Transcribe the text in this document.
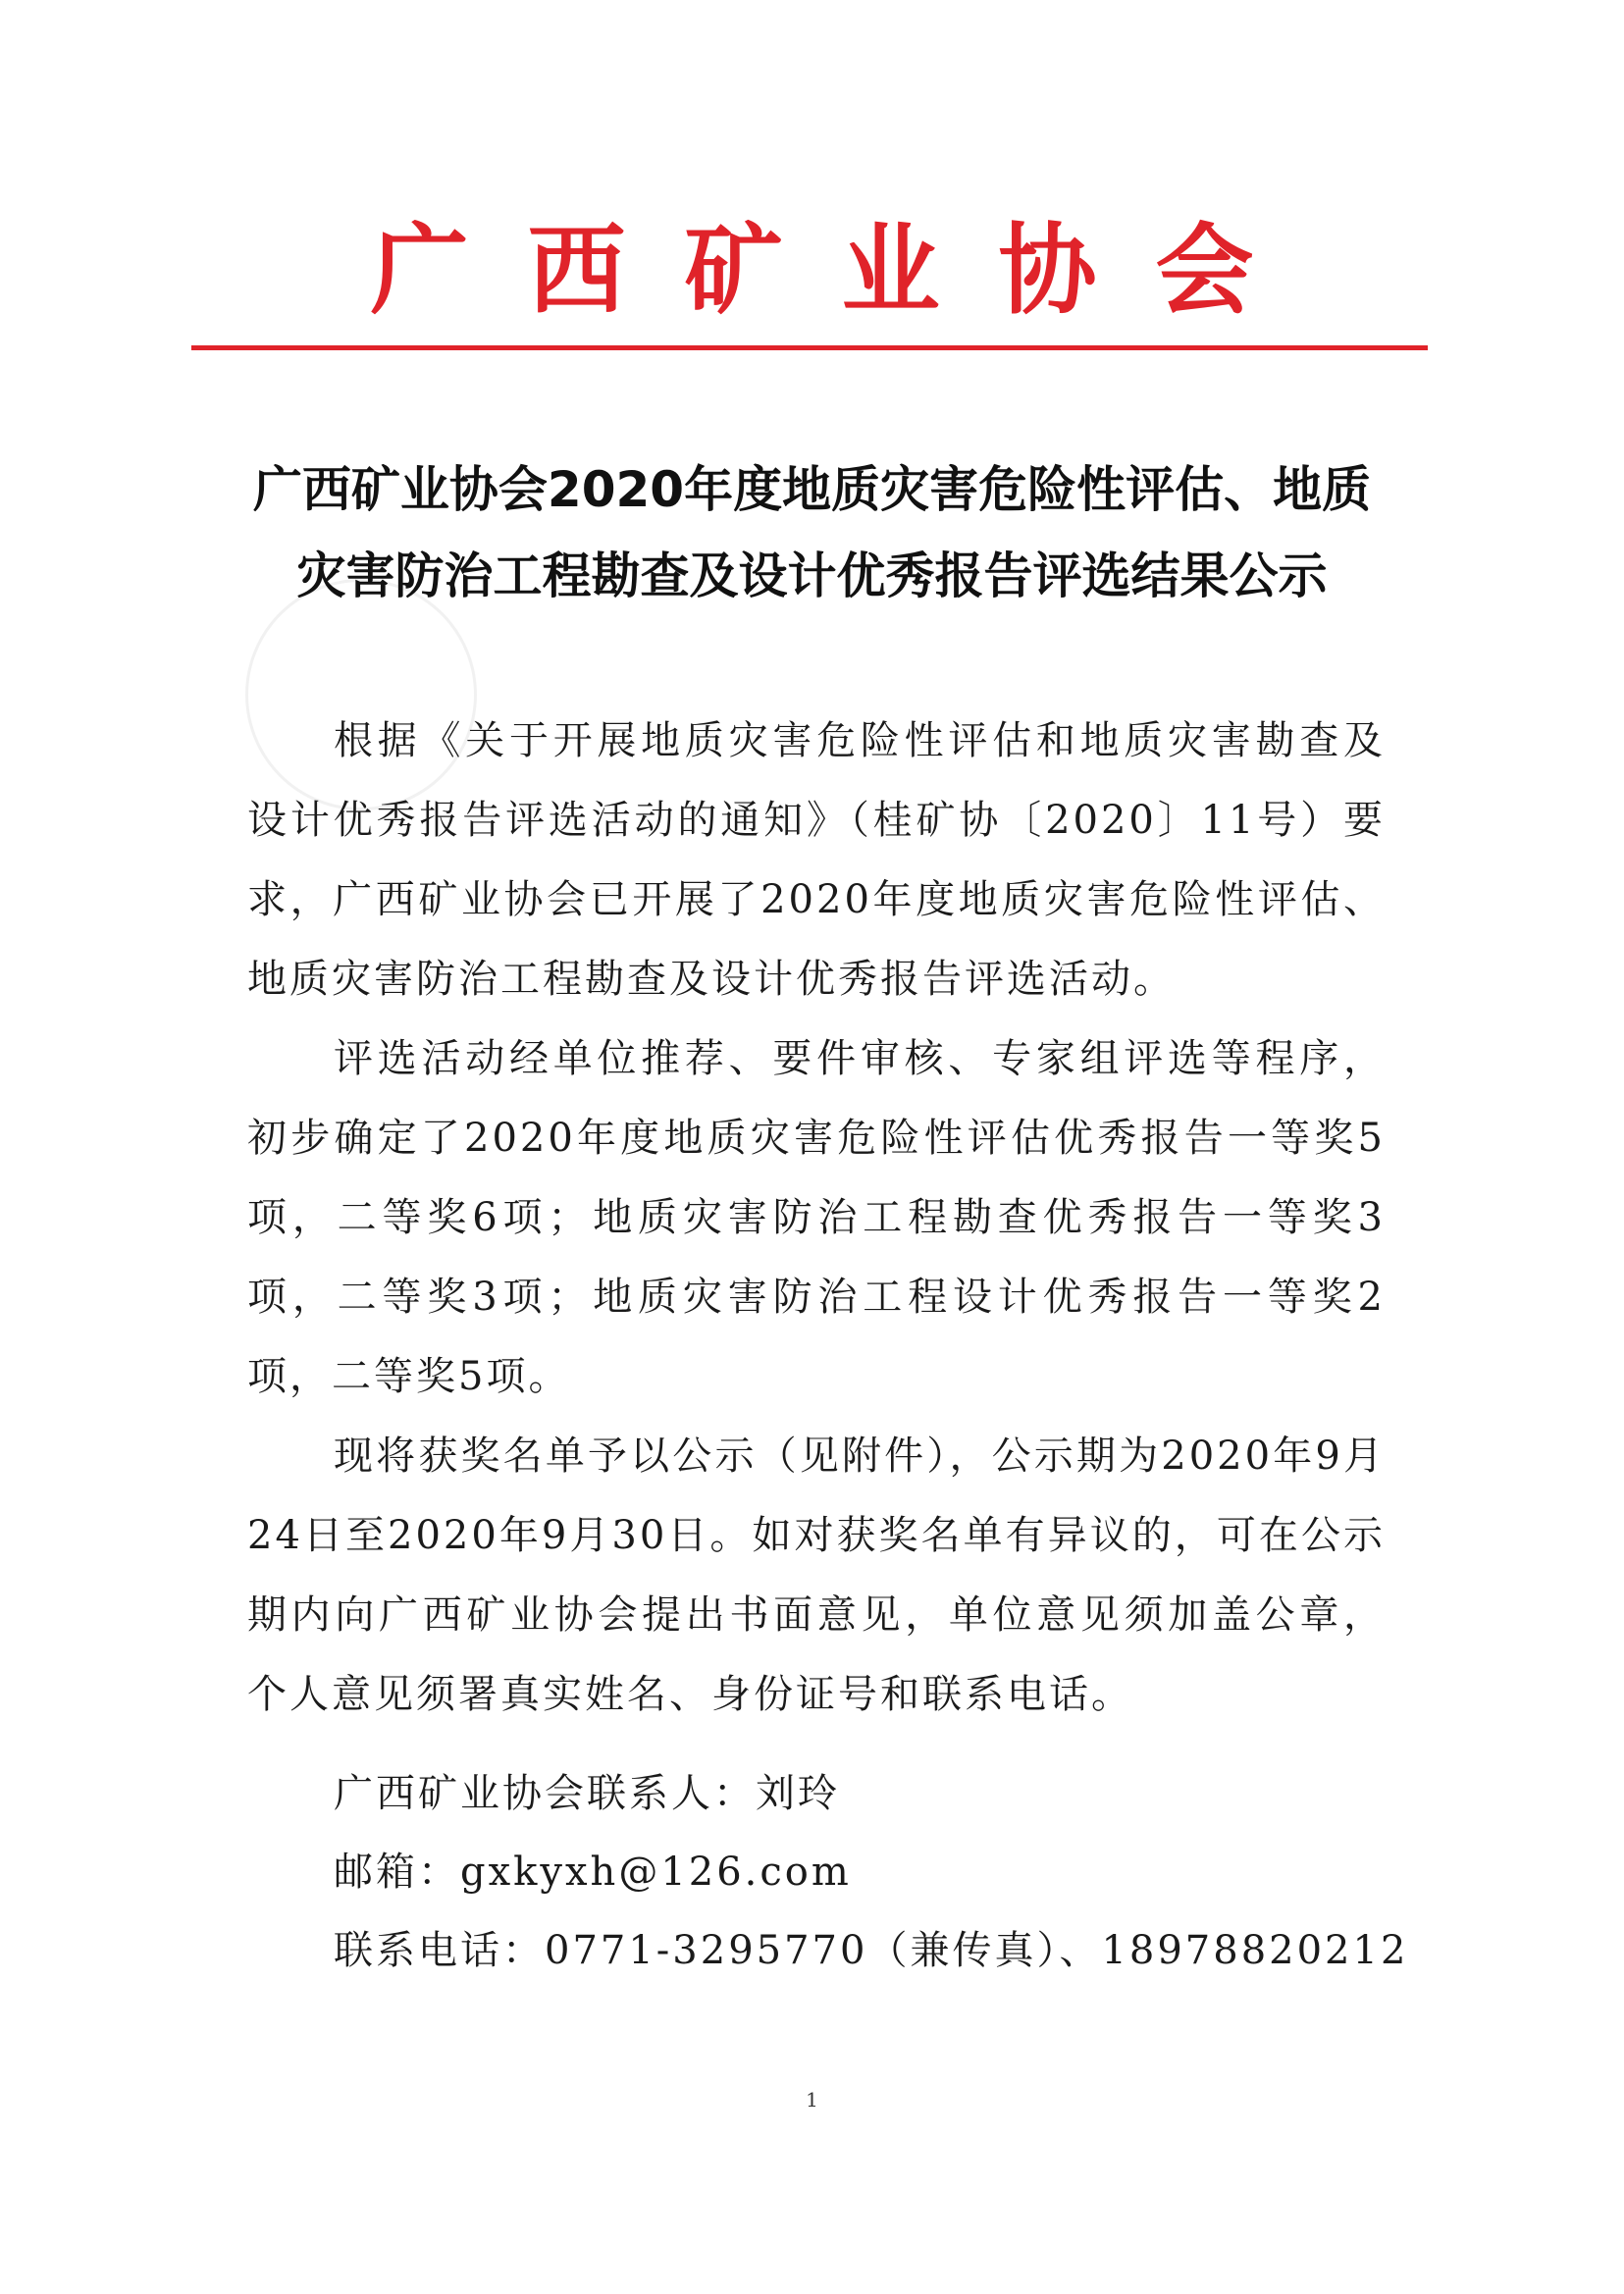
广西矿业协会
广西矿业协会2020年度地质灾害危险性评估、地质
灾害防治工程勘查及设计优秀报告评选结果公示

根据《关于开展地质灾害危险性评估和地质灾害勘查及设计优秀报告评选活动的通知》（桂矿协〔2020〕11号）要求，广西矿业协会已开展了2020年度地质灾害危险性评估、地质灾害防治工程勘查及设计优秀报告评选活动。

评选活动经单位推荐、要件审核、专家组评选等程序，初步确定了2020年度地质灾害危险性评估优秀报告一等奖5项，二等奖6项；地质灾害防治工程勘查优秀报告一等奖3项，二等奖3项；地质灾害防治工程设计优秀报告一等奖2项，二等奖5项。

现将获奖名单予以公示（见附件），公示期为2020年9月24日至2020年9月30日。如对获奖名单有异议的，可在公示期内向广西矿业协会提出书面意见，单位意见须加盖公章，个人意见须署真实姓名、身份证号和联系电话。

广西矿业协会联系人：刘玲
邮箱：gxkyxh@126.com
联系电话：0771-3295770（兼传真）、18978820212
1
